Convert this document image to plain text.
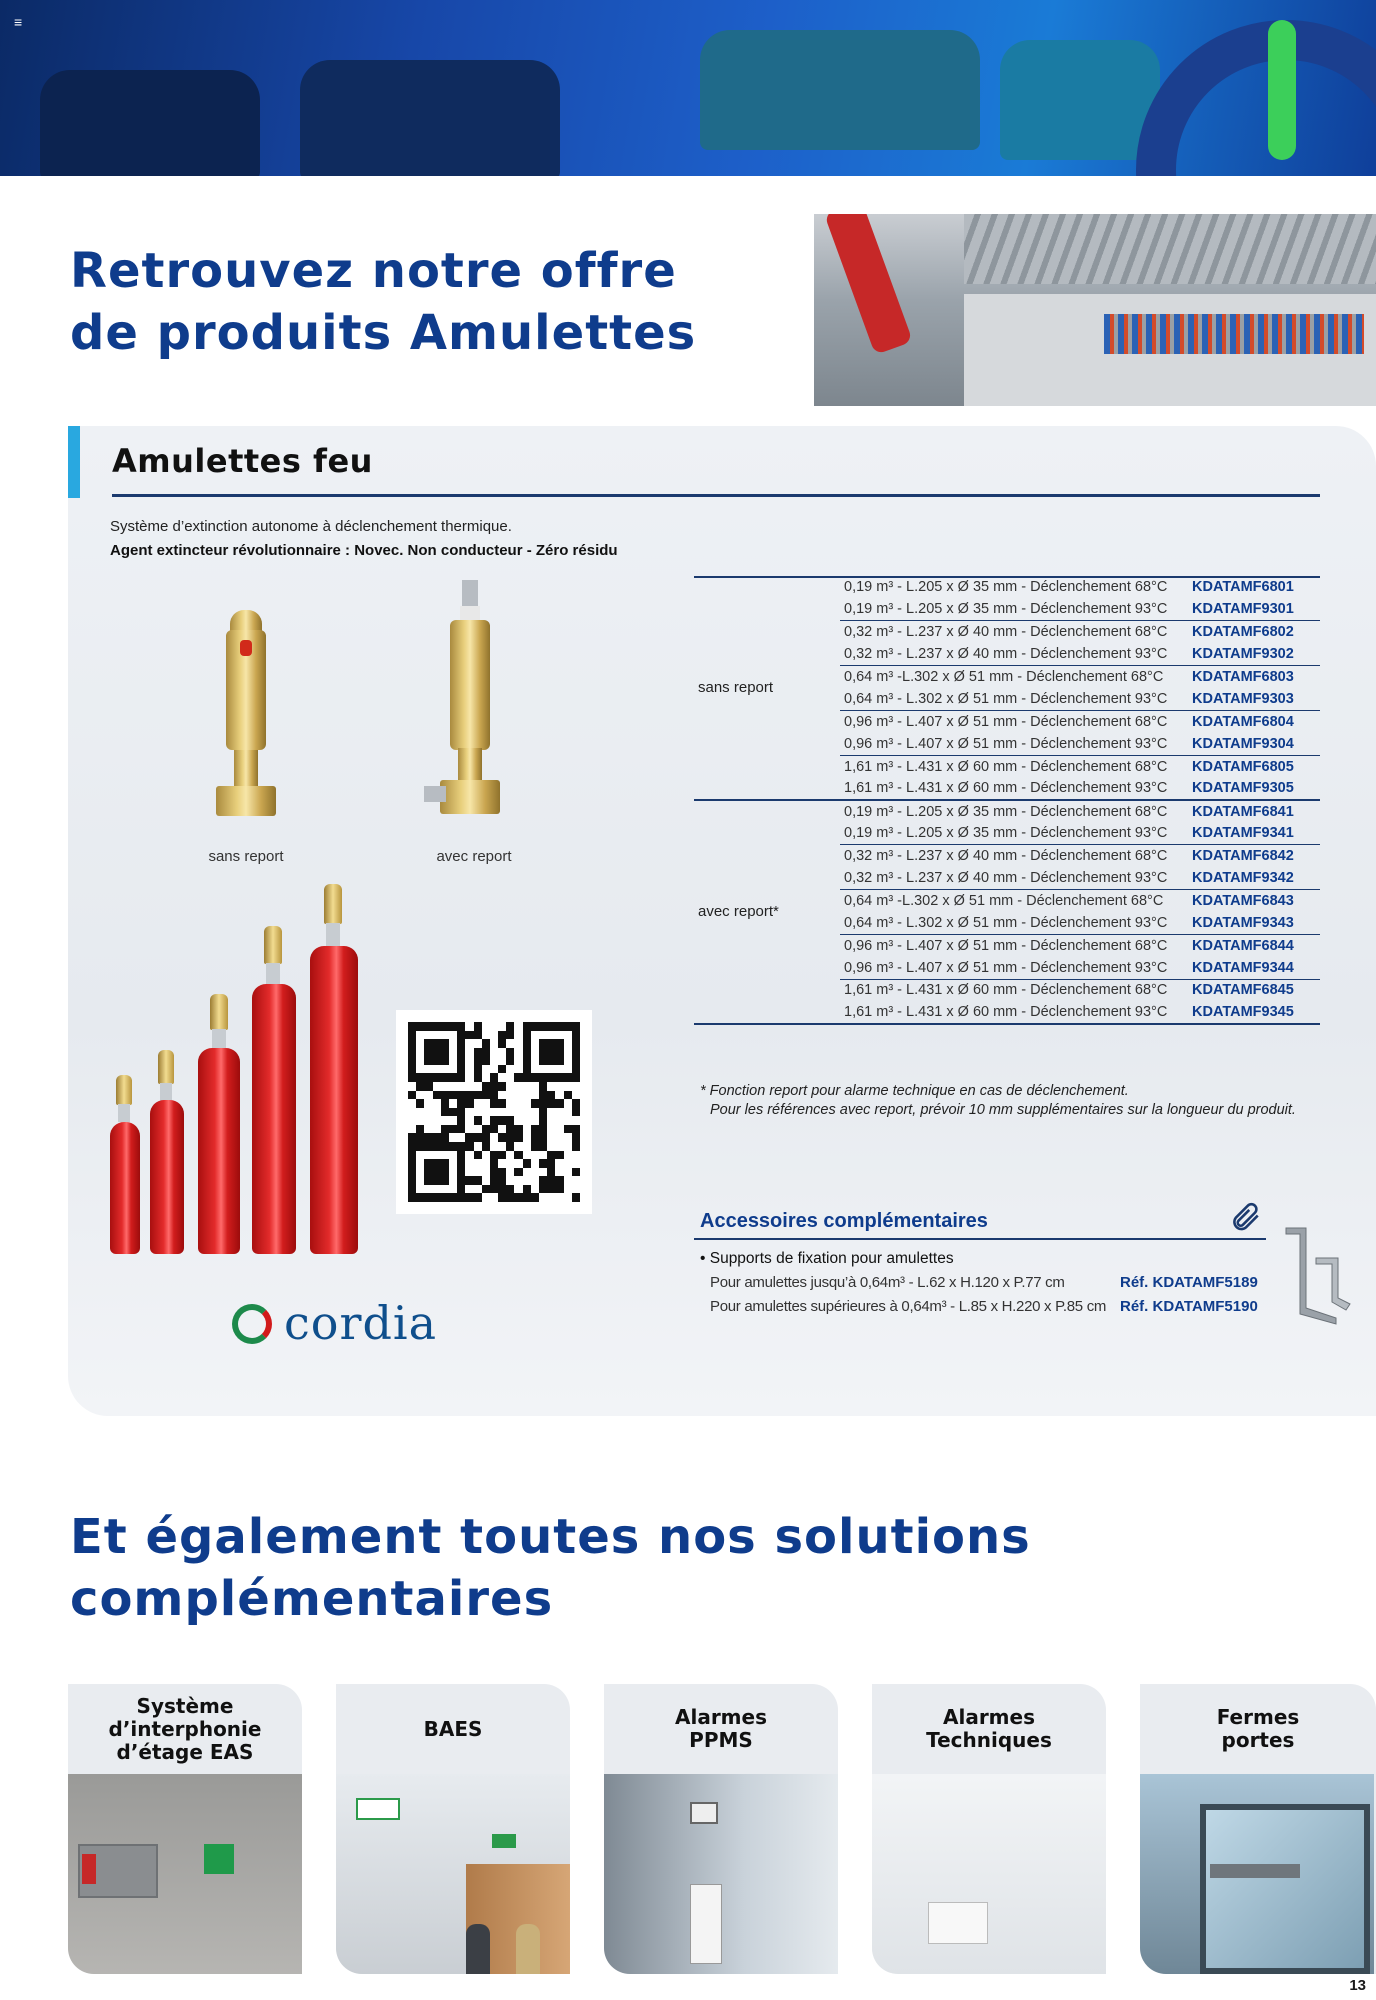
≡
Retrouvez notre offre
de produits Amulettes
Amulettes feu
Système d’extinction autonome à déclenchement thermique.
Agent extincteur révolutionnaire : Novec. Non conducteur - Zéro résidu
sans report	avec report
cordia
sans report	0,19 m³ - L.205 x Ø 35 mm - Déclenchement 68°C	KDATAMF6801
	0,19 m³ - L.205 x Ø 35 mm - Déclenchement 93°C	KDATAMF9301
	0,32 m³ - L.237 x Ø 40 mm - Déclenchement 68°C	KDATAMF6802
	0,32 m³ - L.237 x Ø 40 mm - Déclenchement 93°C	KDATAMF9302
	0,64 m³ -L.302 x Ø 51 mm - Déclenchement 68°C	KDATAMF6803
	0,64 m³ - L.302 x Ø 51 mm - Déclenchement 93°C	KDATAMF9303
	0,96 m³ - L.407 x Ø 51 mm - Déclenchement 68°C	KDATAMF6804
	0,96 m³ - L.407 x Ø 51 mm - Déclenchement 93°C	KDATAMF9304
	1,61 m³ - L.431 x Ø 60 mm - Déclenchement 68°C	KDATAMF6805
	1,61 m³ - L.431 x Ø 60 mm - Déclenchement 93°C	KDATAMF9305
avec report*	0,19 m³ - L.205 x Ø 35 mm - Déclenchement 68°C	KDATAMF6841
	0,19 m³ - L.205 x Ø 35 mm - Déclenchement 93°C	KDATAMF9341
	0,32 m³ - L.237 x Ø 40 mm - Déclenchement 68°C	KDATAMF6842
	0,32 m³ - L.237 x Ø 40 mm - Déclenchement 93°C	KDATAMF9342
	0,64 m³ -L.302 x Ø 51 mm - Déclenchement 68°C	KDATAMF6843
	0,64 m³ - L.302 x Ø 51 mm - Déclenchement 93°C	KDATAMF9343
	0,96 m³ - L.407 x Ø 51 mm - Déclenchement 68°C	KDATAMF6844
	0,96 m³ - L.407 x Ø 51 mm - Déclenchement 93°C	KDATAMF9344
	1,61 m³ - L.431 x Ø 60 mm - Déclenchement 68°C	KDATAMF6845
	1,61 m³ - L.431 x Ø 60 mm - Déclenchement 93°C	KDATAMF9345
* Fonction report pour alarme technique en cas de déclenchement.
Pour les références avec report, prévoir 10 mm supplémentaires sur la longueur du produit.
Accessoires complémentaires
• Supports de fixation pour amulettes
Pour amulettes jusqu’à 0,64m³ - L.62 x H.120 x P.77 cm	Réf. KDATAMF5189
Pour amulettes supérieures à 0,64m³ - L.85 x H.220 x P.85 cm Réf. KDATAMF5190
Et également toutes nos solutions
complémentaires
Système
d’interphonie
d’étage EAS
BAES	Alarmes
PPMS
Alarmes
Techniques
Fermes
portes
13
